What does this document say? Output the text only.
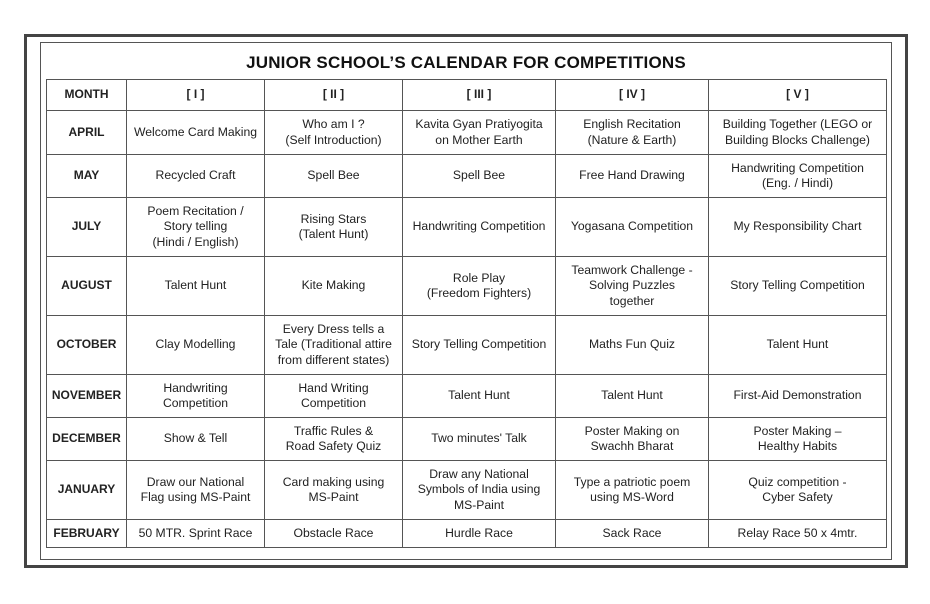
JUNIOR SCHOOL’S CALENDAR FOR COMPETITIONS
MONTH	[ I ]	[ II ]	[ III ]	[ IV ]	[ V ]
APRIL	Welcome Card Making	Who am I ?
(Self Introduction)	Kavita Gyan Pratiyogita
on Mother Earth	English Recitation
(Nature & Earth)	Building Together (LEGO or
Building Blocks Challenge)
MAY	Recycled Craft	Spell Bee	Spell Bee	Free Hand Drawing	Handwriting Competition
(Eng. / Hindi)
JULY	Poem Recitation /
Story telling
(Hindi / English)	Rising Stars
(Talent Hunt)	Handwriting Competition	Yogasana Competition	My Responsibility Chart
AUGUST	Talent Hunt	Kite Making	Role Play
(Freedom Fighters)	Teamwork Challenge -
Solving Puzzles
together	Story Telling Competition
OCTOBER	Clay Modelling	Every Dress tells a
Tale (Traditional attire
from different states)	Story Telling Competition	Maths Fun Quiz	Talent Hunt
NOVEMBER	Handwriting
Competition	Hand Writing
Competition	Talent Hunt	Talent Hunt	First-Aid Demonstration
DECEMBER	Show & Tell	Traffic Rules &
Road Safety Quiz	Two minutes' Talk	Poster Making on
Swachh Bharat	Poster Making –
Healthy Habits
JANUARY	Draw our National
Flag using MS-Paint	Card making using
MS-Paint	Draw any National
Symbols of India using
MS-Paint	Type a patriotic poem
using MS-Word	Quiz competition -
Cyber Safety
FEBRUARY	50 MTR. Sprint Race	Obstacle Race	Hurdle Race	Sack Race	Relay Race 50 x 4mtr.
